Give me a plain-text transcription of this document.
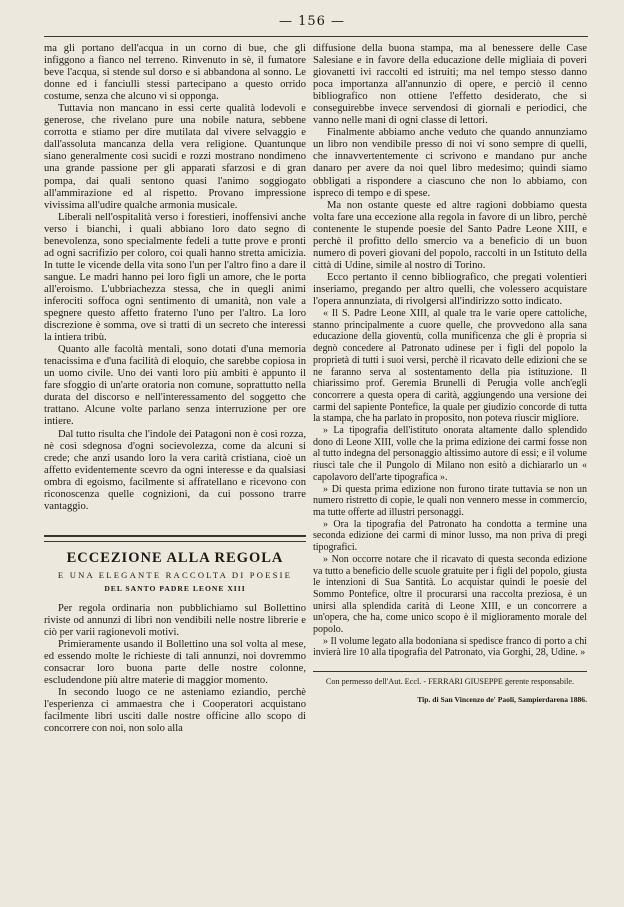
— 156 —

ma gli portano dell'acqua in un corno di bue, che gli infiggono a fianco nel terreno. Rinvenuto in sè, il fumatore beve l'acqua, si stende sul dorso e si abbandona al sonno. Le donne ed i fanciulli stessi partecipano a questo orrido costume, senza che alcuno vi si opponga.

Tuttavia non mancano in essi certe qualità lodevoli e generose, che rivelano pure una nobile natura, sebbene corrotta e stiamo per dire mutilata dal vivere selvaggio e dall'assoluta mancanza della vera religione. Quantunque siano generalmente così sucidi e rozzi mostrano nondimeno una grande passione per gli apparati sfarzosi e di gran pompa, dai quali sentono quasi l'animo soggiogato all'ammirazione ed al rispetto. Provano impressione vivissima all'udire qualche armonia musicale.

Liberali nell'ospitalità verso i forestieri, inoffensivi anche verso i bianchi, i quali abbiano loro dato segno di benevolenza, sono specialmente fedeli a tutte prove e pronti ad ogni sacrifizio per coloro, coi quali hanno stretta amicizia. In tutte le vicende della vita sono l'un per l'altro fino a dare il sangue. Le madri hanno pei loro figli un amore, che le porta all'eroismo. L'ubbriachezza stessa, che in quegli animi inferociti soffoca ogni sentimento di umanità, non vale a spegnere questo affetto fraterno l'uno per l'altro. La loro discrezione è somma, ove si tratti di un secreto che interessi la intiera tribù.

Quanto alle facoltà mentali, sono dotati d'una memoria tenacissima e d'una facilità di eloquio, che sarebbe copiosa in un uomo civile. Uno dei vanti loro più ambiti è appunto il fare sfoggio di un'arte oratoria non comune, soprattutto nella durata del discorso e nell'interessamento del soggetto che trattano. Alcune volte parlano senza interruzione per ore intiere.

Dal tutto risulta che l'indole dei Patagoni non è così rozza, nè così sdegnosa d'ogni socievolezza, come da alcuni si crede; che anzi usando loro la vera carità cristiana, cioè un affetto evidentemente scevro da ogni interesse e da qualsiasi ombra di egoismo, facilmente si affratellano e ricevono con riconoscenza quelle cognizioni, da cui possono trarre vantaggio.

ECCEZIONE ALLA REGOLA
E UNA ELEGANTE RACCOLTA DI POESIE
DEL SANTO PADRE LEONE XIII

Per regola ordinaria non pubblichiamo sul Bollettino riviste od annunzi di libri non vendibili nelle nostre librerie e ciò per varii ragionevoli motivi.

Primieramente usando il Bollettino una sol volta al mese, ed essendo molte le richieste di tali annunzi, noi dovremmo consacrar loro buona parte delle nostre colonne, escludendone più altre materie di maggior momento.

In secondo luogo ce ne asteniamo eziandio, perchè l'esperienza ci ammaestra che i Cooperatori acquistano facilmente libri usciti dalle nostre officine allo scopo di concorrere con noi, non solo alla

diffusione della buona stampa, ma al benessere delle Case Salesiane e in favore della educazione delle migliaia di poveri giovanetti ivi raccolti ed istruiti; ma nel tempo stesso danno poca importanza all'annunzio di opere, e perciò il cenno bibliografico non ottiene l'effetto desiderato, che si conseguirebbe invece servendosi di giornali e periodici, che vanno nelle mani di ogni classe di lettori.

Finalmente abbiamo anche veduto che quando annunziamo un libro non vendibile presso di noi vi sono sempre di quelli, che innavvertentemente ci scrivono e mandano pur anche danaro per avere da noi quel libro medesimo; quindi siamo obbligati a rispondere a ciascuno che non lo abbiamo, con ispreco di tempo e di spese.

Ma non ostante queste ed altre ragioni dobbiamo questa volta fare una eccezione alla regola in favore di un libro, perchè contenente le stupende poesie del Santo Padre Leone XIII, e perchè il profitto dello smercio va a beneficio di un buon numero di poveri giovani del popolo, raccolti in un Istituto della città di Udine, simile al nostro di Torino.

Ecco pertanto il cenno bibliografico, che pregati volentieri inseriamo, pregando per altro quelli, che volessero acquistare l'opera annunziata, di rivolgersi all'indirizzo sotto indicato.

« Il S. Padre Leone XIII, al quale tra le varie opere cattoliche, stanno principalmente a cuore quelle, che provvedono alla sana educazione della gioventù, colla munificenza che gli è propria si degnò concedere al Patronato udinese per i figli del popolo la proprietà di tutti i suoi versi, perchè il ricavato delle edizioni che se ne faranno serva al sostentamento della pia istituzione. Il chiarissimo prof. Geremia Brunelli di Perugia volle anch'egli concorrere a questa opera di carità, aggiungendo una versione dei carmi del sapiente Pontefice, la quale per giudizio concorde di tutta la stampa, che ha parlato in proposito, non poteva riuscir migliore.

» La tipografia dell'istituto onorata altamente dallo splendido dono di Leone XIII, volle che la prima edizione dei carmi fosse non al tutto indegna del personaggio altissimo autore di essi; e il volume riuscì tale che il Pungolo di Milano non esitò a dichiararlo un « capolavoro dell'arte tipografica ».

» Di questa prima edizione non furono tirate tuttavia se non un numero ristretto di copie, le quali non vennero messe in commercio, ma tutte offerte ad illustri personaggi.

» Ora la tipografia del Patronato ha condotta a termine una seconda edizione dei carmi di minor lusso, ma non priva di pregi tipografici.

» Non occorre notare che il ricavato di questa seconda edizione va tutto a beneficio delle scuole gratuite per i figli del popolo, giusta le intenzioni di Sua Santità. Lo acquistar quindi le poesie del Sommo Pontefice, oltre il procurarsi una raccolta preziosa, è un unirsi alla splendida carità di Leone XIII, e un concorrere a un'opera, che ha, come unico scopo è il miglioramento morale del popolo.

» Il volume legato alla bodoniana si spedisce franco di porto a chi invierà lire 10 alla tipografia del Patronato, via Gorghi, 28, Udine. »

Con permesso dell'Aut. Eccl. - FERRARI GIUSEPPE gerente responsabile.
Tip. di San Vincenzo de' Paoli, Sampierdarena 1886.
